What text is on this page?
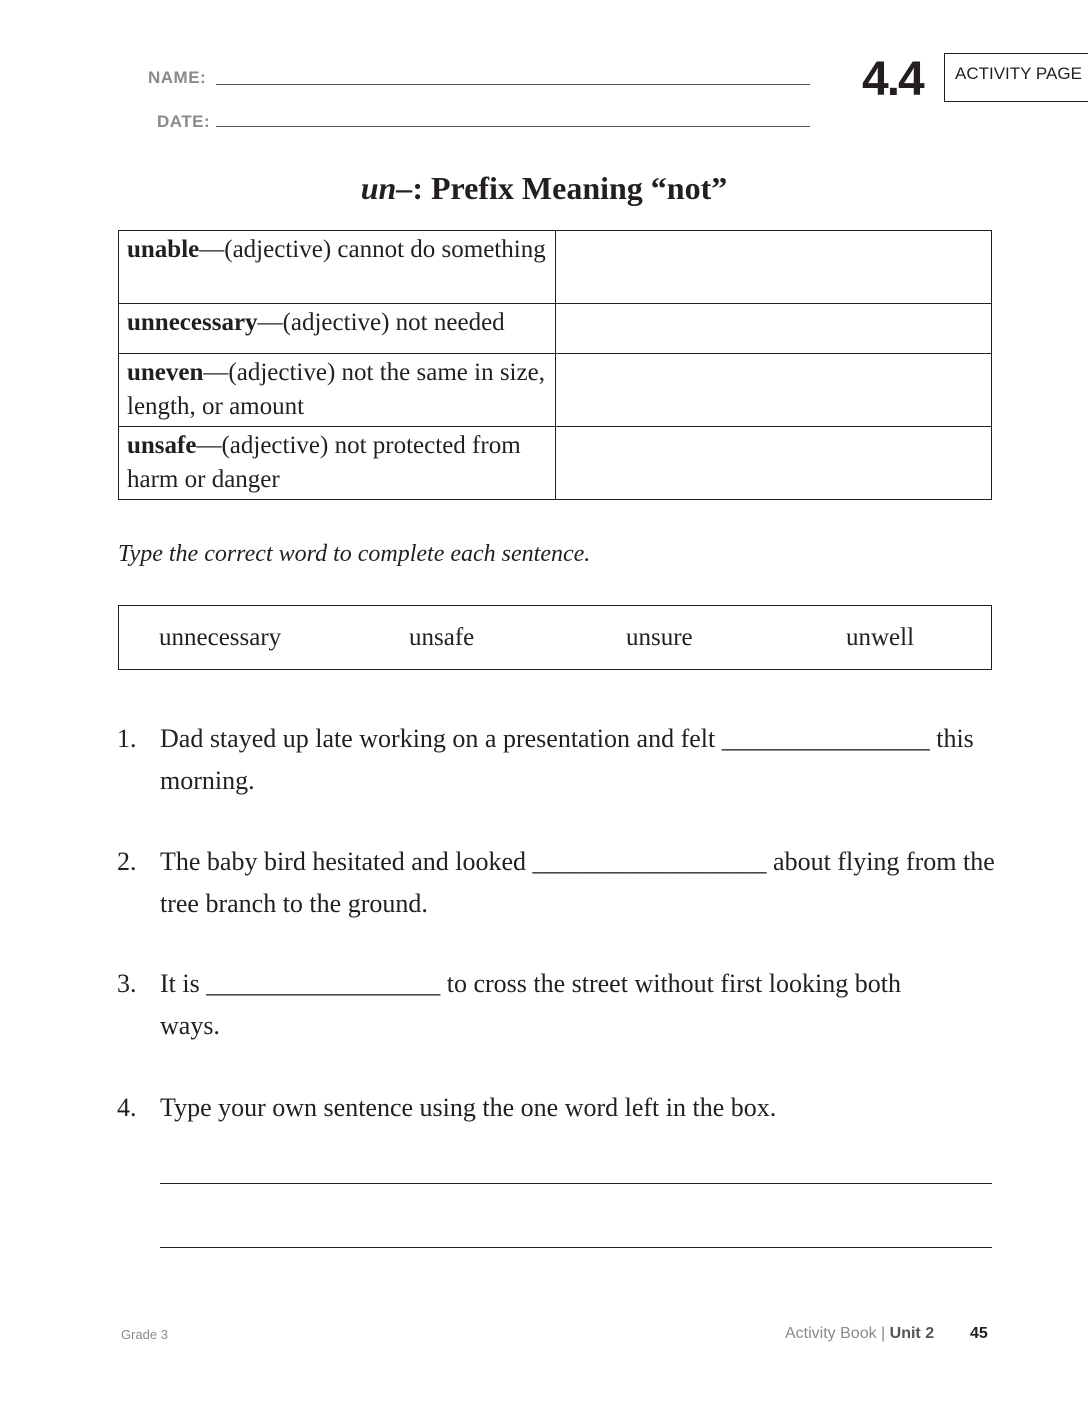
NAME:
DATE:
4.4	ACTIVITY PAGE
un–: Prefix Meaning “not”
unable—(adjective) cannot do something	
unnecessary—(adjective) not needed	
uneven—(adjective) not the same in size, length, or amount	
unsafe—(adjective) not protected from harm or danger	
Type the correct word to complete each sentence.
unnecessary	unsafe	unsure	unwell
1. Dad stayed up late working on a presentation and felt ________________ this morning.
2. The baby bird hesitated and looked __________________ about flying from the tree branch to the ground.
3. It is __________________ to cross the street without first looking both ways.
4. Type your own sentence using the one word left in the box.
Grade 3	Activity Book | Unit 2 45
